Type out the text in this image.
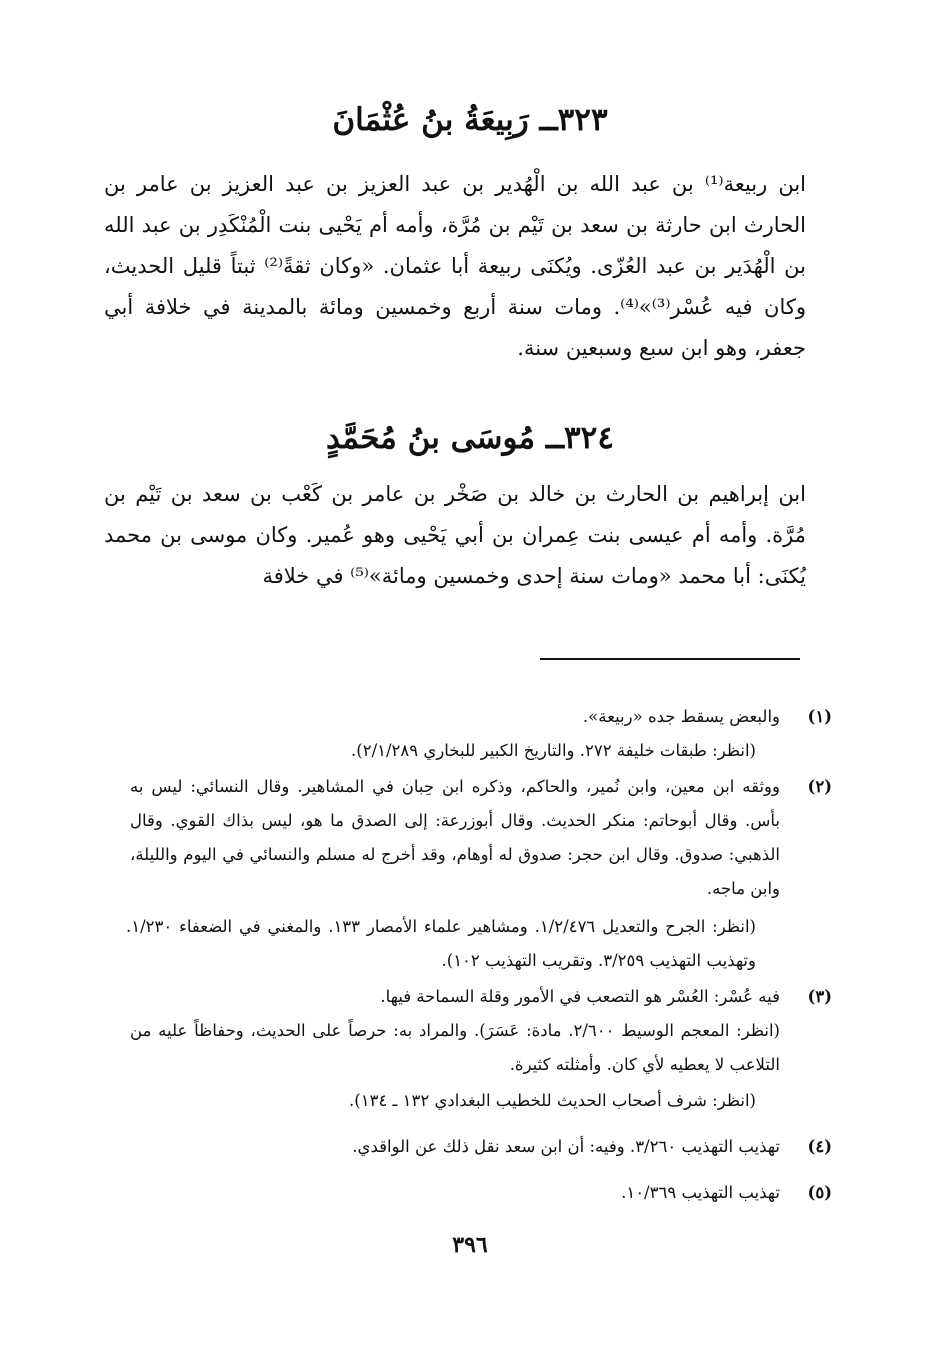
٣٢٣ــ رَبِيعَةُ بنُ عُثْمَانَ
ابن ربيعة⁽¹⁾ بن عبد الله بن الْهُدير بن عبد العزيز بن عبد العزيز بن عامر بن الحارث ابن حارثة بن سعد بن تَيْم بن مُرَّة، وأمه أم يَحْيى بنت الْمُنْكَدِر بن عبد الله بن الْهُدَير بن عبد العُزّى. ويُكنَى ربيعة أبا عثمان. «وكان ثقةً⁽²⁾ ثبتاً قليل الحديث، وكان فيه عُسْر⁽³⁾»⁽⁴⁾. ومات سنة أربع وخمسين ومائة بالمدينة في خلافة أبي جعفر، وهو ابن سبع وسبعين سنة.
٣٢٤ــ مُوسَى بنُ مُحَمَّدٍ
ابن إبراهيم بن الحارث بن خالد بن صَخْر بن عامر بن كَعْب بن سعد بن تَيْم بن مُرَّة. وأمه أم عيسى بنت عِمران بن أبي يَحْيى وهو عُمير. وكان موسى بن محمد يُكنَى: أبا محمد «ومات سنة إحدى وخمسين ومائة»⁽⁵⁾ في خلافة
(١)
والبعض يسقط جده «ربيعة».
(انظر: طبقات خليفة ٢٧٢. والتاريخ الكبير للبخاري ٢/١/٢٨٩).
(٢)
ووثقه ابن معين، وابن نُمير، والحاكم، وذكره ابن حِبان في المشاهير. وقال النسائي: ليس به بأس. وقال أبوحاتم: منكر الحديث. وقال أبوزرعة: إلى الصدق ما هو، ليس بذاك القوي. وقال الذهبي: صدوق. وقال ابن حجر: صدوق له أوهام، وقد أخرج له مسلم والنسائي في اليوم والليلة، وابن ماجه.
(انظر: الجرح والتعديل ١/٢/٤٧٦. ومشاهير علماء الأمصار ١٣٣. والمغني في الضعفاء ١/٢٣٠. وتهذيب التهذيب ٣/٢٥٩. وتقريب التهذيب ١٠٢).
(٣)
فيه عُسْر: العُسْر هو التصعب في الأمور وقلة السماحة فيها.
(انظر: المعجم الوسيط ٢/٦٠٠. مادة: عَسَرَ). والمراد به: حرصاً على الحديث، وحفاظاً عليه من التلاعب لا يعطيه لأي كان. وأمثلته كثيرة.
(انظر: شرف أصحاب الحديث للخطيب البغدادي ١٣٢ ـ ١٣٤).
(٤)
تهذيب التهذيب ٣/٢٦٠. وفيه: أن ابن سعد نقل ذلك عن الواقدي.
(٥)
تهذيب التهذيب ١٠/٣٦٩.
٣٩٦
